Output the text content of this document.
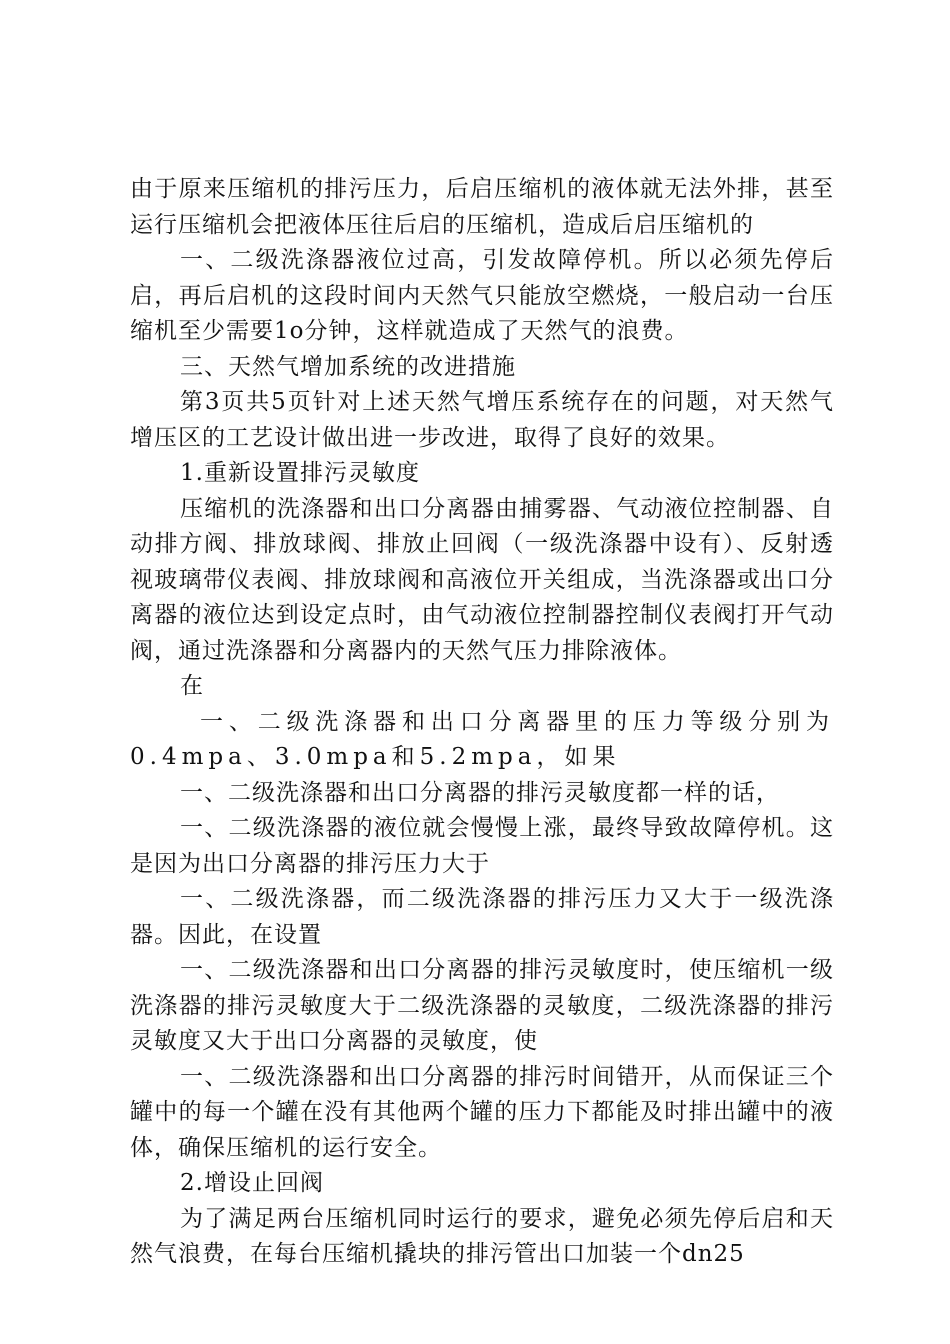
由于原来压缩机的排污压力，后启压缩机的液体就无法外排，甚至运行压缩机会把液体压往后启的压缩机，造成后启压缩机的

一、二级洗涤器液位过高，引发故障停机。所以必须先停后启，再后启机的这段时间内天然气只能放空燃烧，一般启动一台压缩机至少需要1o分钟，这样就造成了天然气的浪费。

三、天然气增加系统的改进措施

第3页共5页针对上述天然气增压系统存在的问题，对天然气增压区的工艺设计做出进一步改进，取得了良好的效果。

1.重新设置排污灵敏度

压缩机的洗涤器和出口分离器由捕雾器、气动液位控制器、自动排方阀、排放球阀、排放止回阀（一级洗涤器中设有）、反射透视玻璃带仪表阀、排放球阀和高液位开关组成，当洗涤器或出口分离器的液位达到设定点时，由气动液位控制器控制仪表阀打开气动阀，通过洗涤器和分离器内的天然气压力排除液体。

在

一、二级洗涤器和出口分离器里的压力等级分别为0.4mpa、3.0mpa和5.2mpa，如果

一、二级洗涤器和出口分离器的排污灵敏度都一样的话，

一、二级洗涤器的液位就会慢慢上涨，最终导致故障停机。这是因为出口分离器的排污压力大于

一、二级洗涤器，而二级洗涤器的排污压力又大于一级洗涤器。因此，在设置

一、二级洗涤器和出口分离器的排污灵敏度时，使压缩机一级洗涤器的排污灵敏度大于二级洗涤器的灵敏度，二级洗涤器的排污灵敏度又大于出口分离器的灵敏度，使

一、二级洗涤器和出口分离器的排污时间错开，从而保证三个罐中的每一个罐在没有其他两个罐的压力下都能及时排出罐中的液体，确保压缩机的运行安全。

2.增设止回阀

为了满足两台压缩机同时运行的要求，避免必须先停后启和天然气浪费，在每台压缩机撬块的排污管出口加装一个dn25
